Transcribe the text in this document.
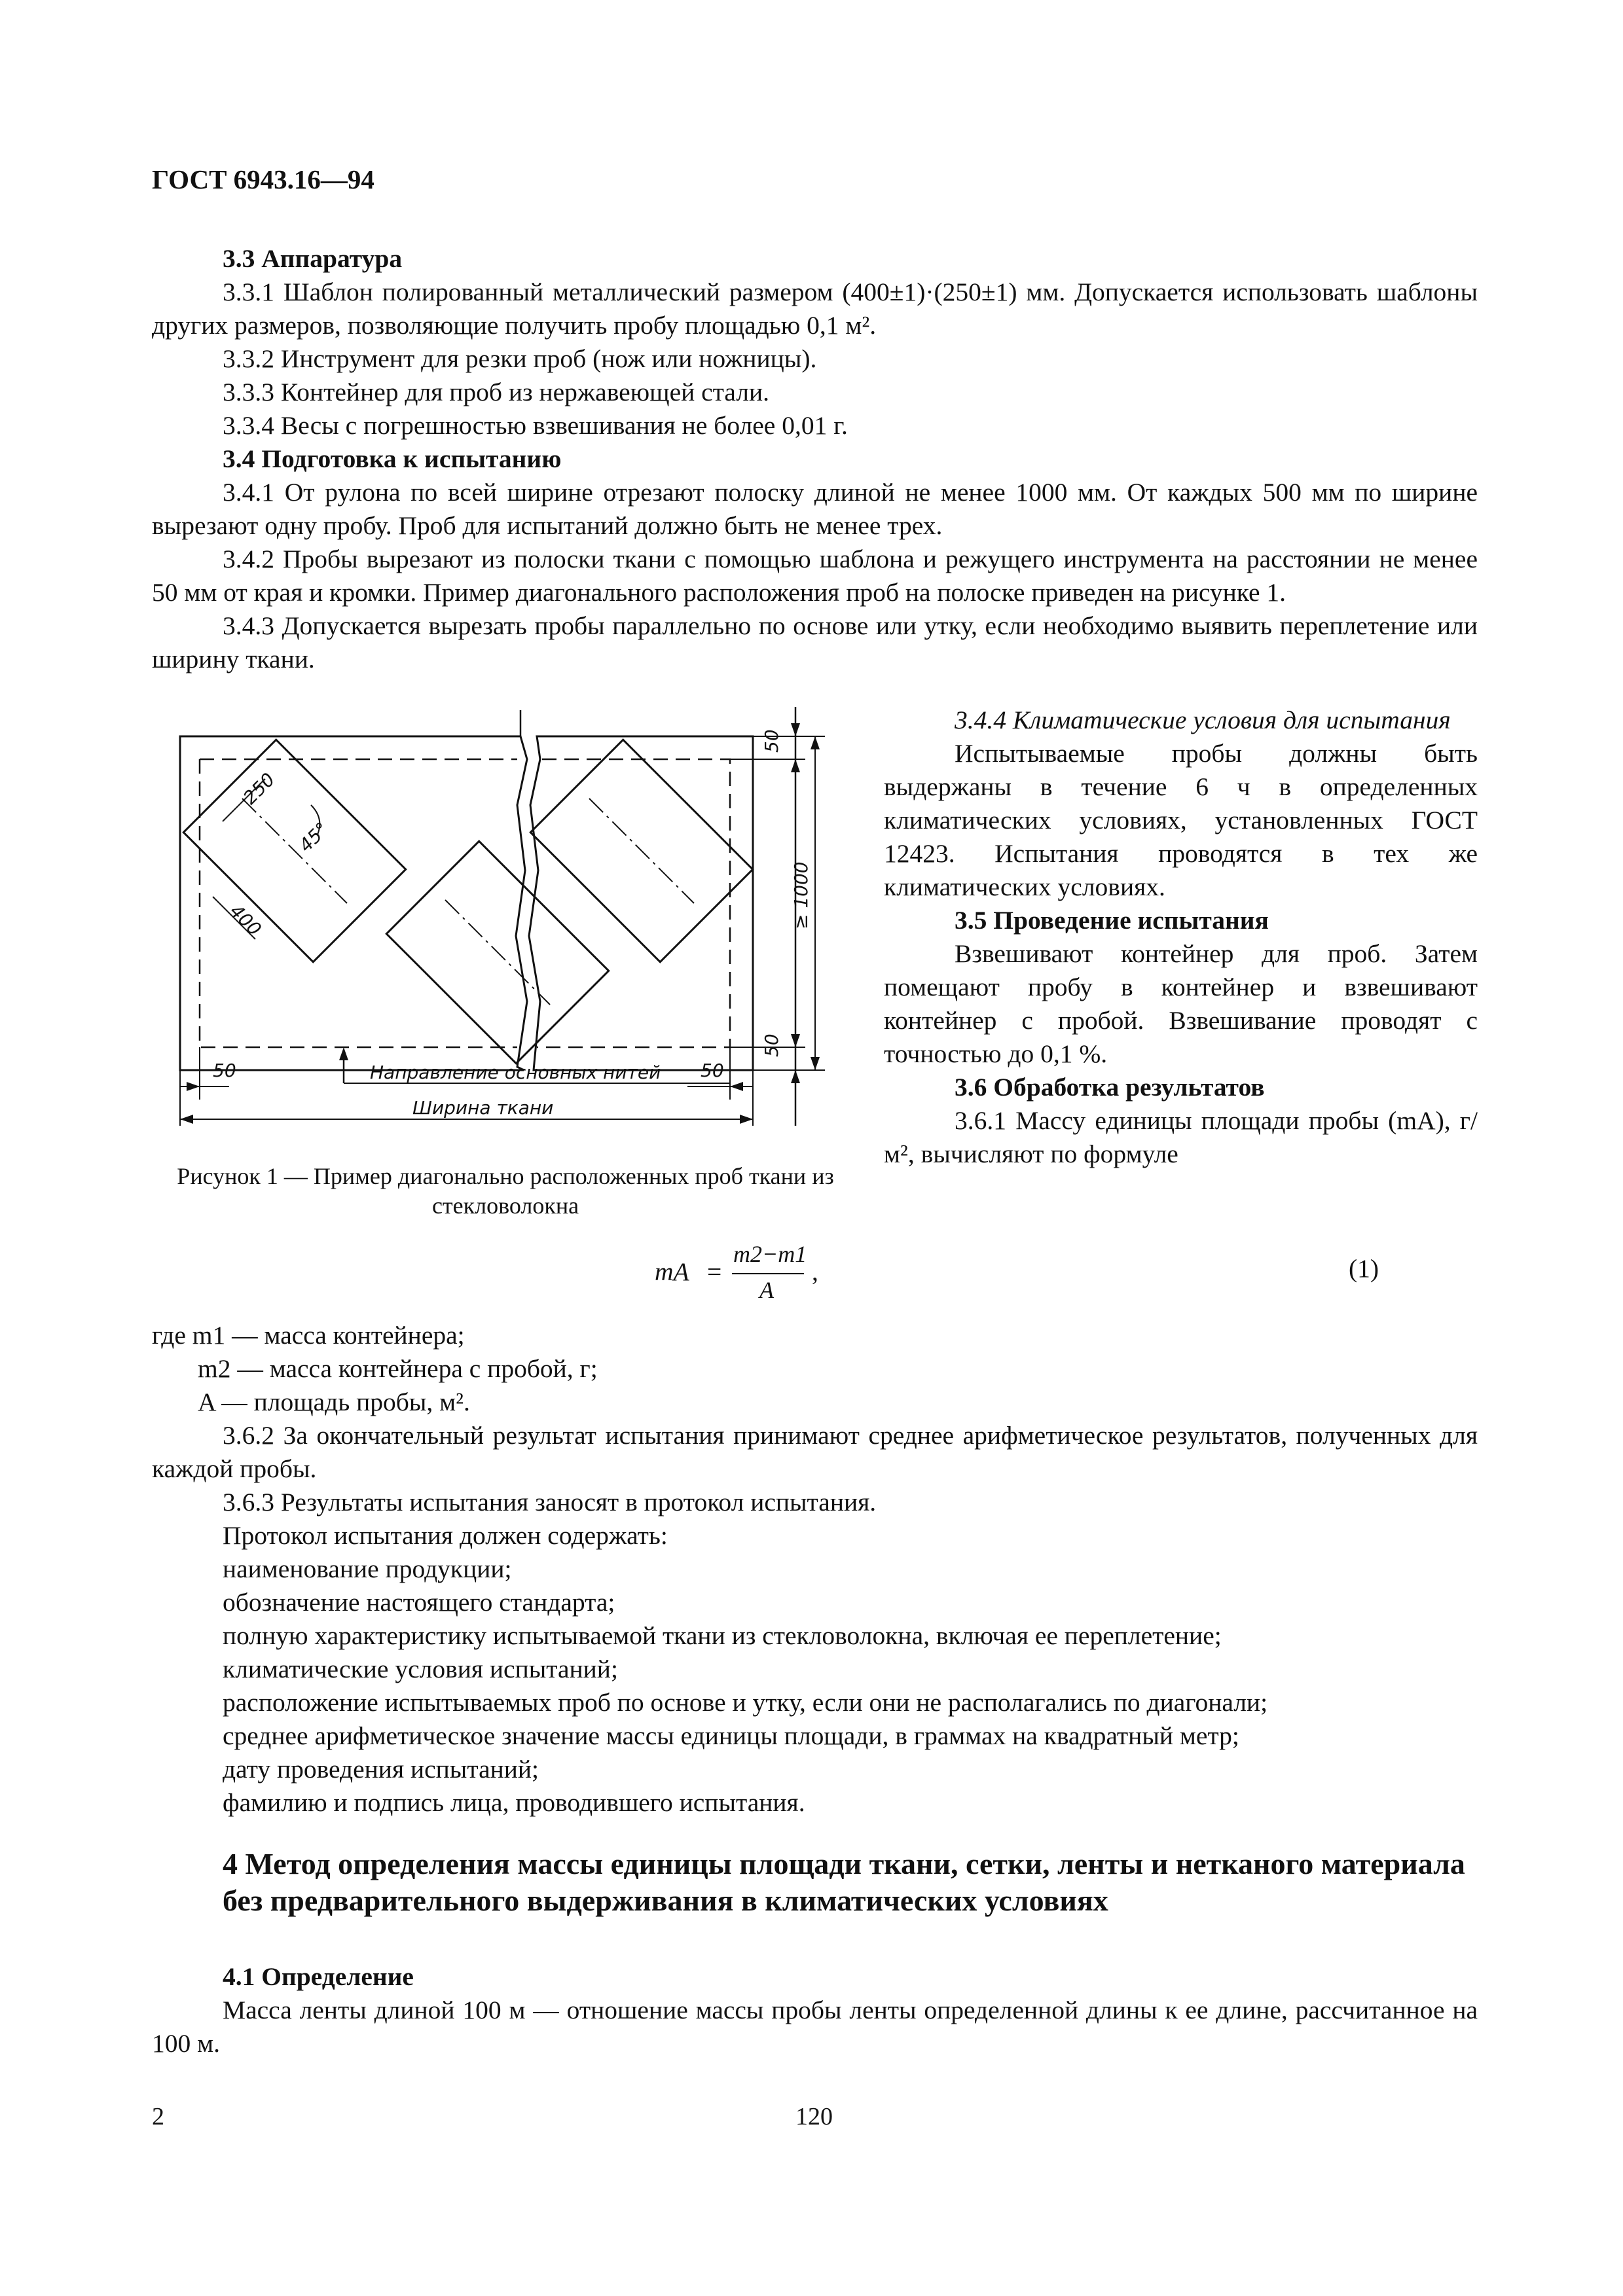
ГОСТ 6943.16—94

3.3 Аппаратура

3.3.1 Шаблон полированный металлический размером (400±1)·(250±1) мм. Допускается использовать шаблоны других размеров, позволяющие получить пробу площадью 0,1 м².

3.3.2 Инструмент для резки проб (нож или ножницы).

3.3.3 Контейнер для проб из нержавеющей стали.

3.3.4 Весы с погрешностью взвешивания не более 0,01 г.

3.4 Подготовка к испытанию

3.4.1 От рулона по всей ширине отрезают полоску длиной не менее 1000 мм. От каждых 500 мм по ширине вырезают одну пробу. Проб для испытаний должно быть не менее трех.

3.4.2 Пробы вырезают из полоски ткани с помощью шаблона и режущего инструмента на расстоянии не менее 50 мм от края и кромки. Пример диагонального расположения проб на полоске приведен на рисунке 1.

3.4.3 Допускается вырезать пробы параллельно по основе или утку, если необходимо выявить переплетение или ширину ткани.

250
400
45°
50
50
≥ 1000
50	50
Направление основных нитей
Ширина ткани
Рисунок 1 — Пример диагонально расположенных проб ткани из стекловолокна

3.4.4 Климатические условия для испытания

Испытываемые пробы должны быть выдержаны в течение 6 ч в определенных климатических условиях, установленных ГОСТ 12423. Испытания проводятся в тех же климатических условиях.

3.5 Проведение испытания

Взвешивают контейнер для проб. Затем помещают пробу в контейнер и взвешивают контейнер с пробой. Взвешивание проводят с точностью до 0,1 %.

3.6 Обработка результатов

3.6.1 Массу единицы площади пробы (mA), г/м², вычисляют по формуле

mA =
m2−m1
A
,	(1)

где m1 — масса контейнера;

m2 — масса контейнера с пробой, г;

A — площадь пробы, м².

3.6.2 За окончательный результат испытания принимают среднее арифметическое результатов, полученных для каждой пробы.

3.6.3 Результаты испытания заносят в протокол испытания.

Протокол испытания должен содержать:

наименование продукции;

обозначение настоящего стандарта;

полную характеристику испытываемой ткани из стекловолокна, включая ее переплетение;

климатические условия испытаний;

расположение испытываемых проб по основе и утку, если они не располагались по диагонали;

среднее арифметическое значение массы единицы площади, в граммах на квадратный метр;

дату проведения испытаний;

фамилию и подпись лица, проводившего испытания.

4 Метод определения массы единицы площади ткани, сетки, ленты и нетканого материала без предварительного выдерживания в климатических условиях

4.1 Определение

Масса ленты длиной 100 м — отношение массы пробы ленты определенной длины к ее длине, рассчитанное на 100 м.

2	120
